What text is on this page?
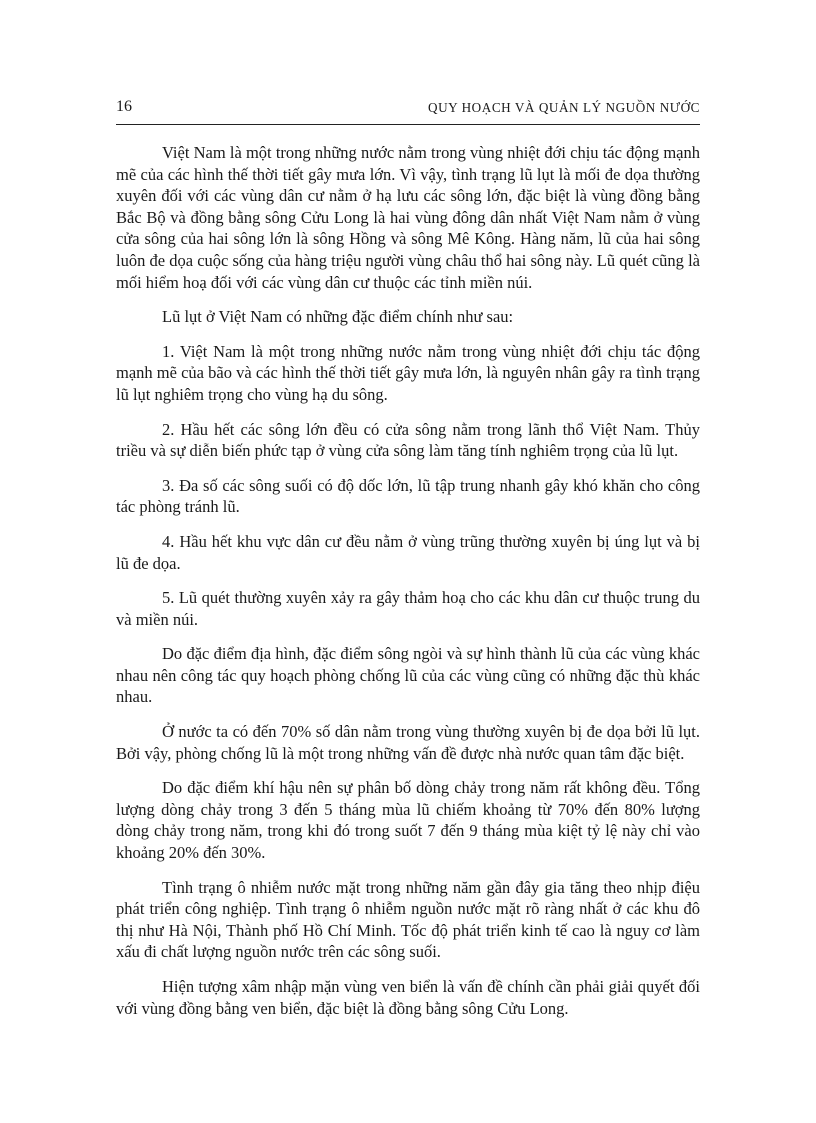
16	QUY HOẠCH VÀ QUẢN LÝ NGUỒN NƯỚC

Việt Nam là một trong những nước nằm trong vùng nhiệt đới chịu tác động mạnh mẽ của các hình thế thời tiết gây mưa lớn. Vì vậy, tình trạng lũ lụt là mối đe dọa thường xuyên đối với các vùng dân cư nằm ở hạ lưu các sông lớn, đặc biệt là vùng đồng bằng Bắc Bộ và đồng bằng sông Cửu Long là hai vùng đông dân nhất Việt Nam nằm ở vùng cửa sông của hai sông lớn là sông Hồng và sông Mê Kông. Hàng năm, lũ của hai sông luôn đe dọa cuộc sống của hàng triệu người vùng châu thổ hai sông này. Lũ quét cũng là mối hiểm hoạ đối với các vùng dân cư thuộc các tỉnh miền núi.

Lũ lụt ở Việt Nam có những đặc điểm chính như sau:

1. Việt Nam là một trong những nước nằm trong vùng nhiệt đới chịu tác động mạnh mẽ của bão và các hình thế thời tiết gây mưa lớn, là nguyên nhân gây ra tình trạng lũ lụt nghiêm trọng cho vùng hạ du sông.

2. Hầu hết các sông lớn đều có cửa sông nằm trong lãnh thổ Việt Nam. Thủy triều và sự diễn biến phức tạp ở vùng cửa sông làm tăng tính nghiêm trọng của lũ lụt.

3. Đa số các sông suối có độ dốc lớn, lũ tập trung nhanh gây khó khăn cho công tác phòng tránh lũ.

4. Hầu hết khu vực dân cư đều nằm ở vùng trũng thường xuyên bị úng lụt và bị lũ đe dọa.

5. Lũ quét thường xuyên xảy ra gây thảm hoạ cho các khu dân cư thuộc trung du và miền núi.

Do đặc điểm địa hình, đặc điểm sông ngòi và sự hình thành lũ của các vùng khác nhau nên công tác quy hoạch phòng chống lũ của các vùng cũng có những đặc thù khác nhau.

Ở nước ta có đến 70% số dân nằm trong vùng thường xuyên bị đe dọa bởi lũ lụt. Bởi vậy, phòng chống lũ là một trong những vấn đề được nhà nước quan tâm đặc biệt.

Do đặc điểm khí hậu nên sự phân bố dòng chảy trong năm rất không đều. Tổng lượng dòng chảy trong 3 đến 5 tháng mùa lũ chiếm khoảng từ 70% đến 80% lượng dòng chảy trong năm, trong khi đó trong suốt 7 đến 9 tháng mùa kiệt tỷ lệ này chỉ vào khoảng 20% đến 30%.

Tình trạng ô nhiễm nước mặt trong những năm gần đây gia tăng theo nhịp điệu phát triển công nghiệp. Tình trạng ô nhiễm nguồn nước mặt rõ ràng nhất ở các khu đô thị như Hà Nội, Thành phố Hồ Chí Minh. Tốc độ phát triển kinh tế cao là nguy cơ làm xấu đi chất lượng nguồn nước trên các sông suối.

Hiện tượng xâm nhập mặn vùng ven biển là vấn đề chính cần phải giải quyết đối với vùng đồng bằng ven biển, đặc biệt là đồng bằng sông Cửu Long.
